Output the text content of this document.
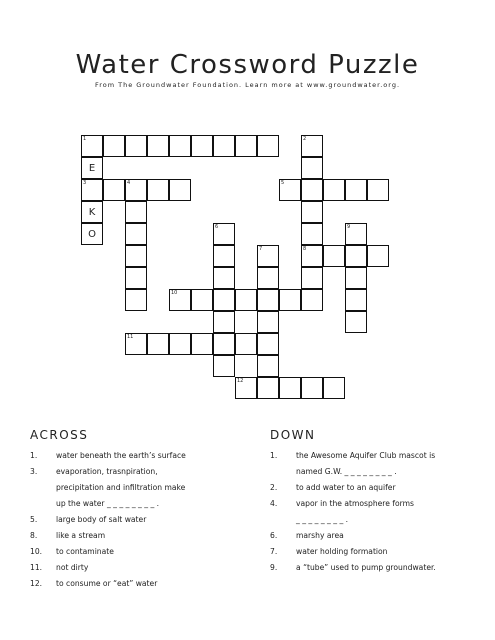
Water Crossword Puzzle
From The Groundwater Foundation. Learn more at www.groundwater.org.
1	2
E
3	4	5
K
O
6	9
7	8
10
11
12
ACROSS
1.	water beneath the earth’s surface
3.	evaporation, trasnpiration,
precipitation and infiltration make
up the water _ _ _ _ _ _ _ _ .
5.	large body of salt water
8.	like a stream
10.	to contaminate
11.	not dirty
12.	to consume or “eat” water
DOWN
1.	the Awesome Aquifer Club mascot is
named G.W. _ _ _ _ _ _ _ _ .
2.	to add water to an aquifer
4.	vapor in the atmosphere forms
_ _ _ _ _ _ _ _ .
6.	marshy area
7.	water holding formation
9.	a “tube” used to pump groundwater.
